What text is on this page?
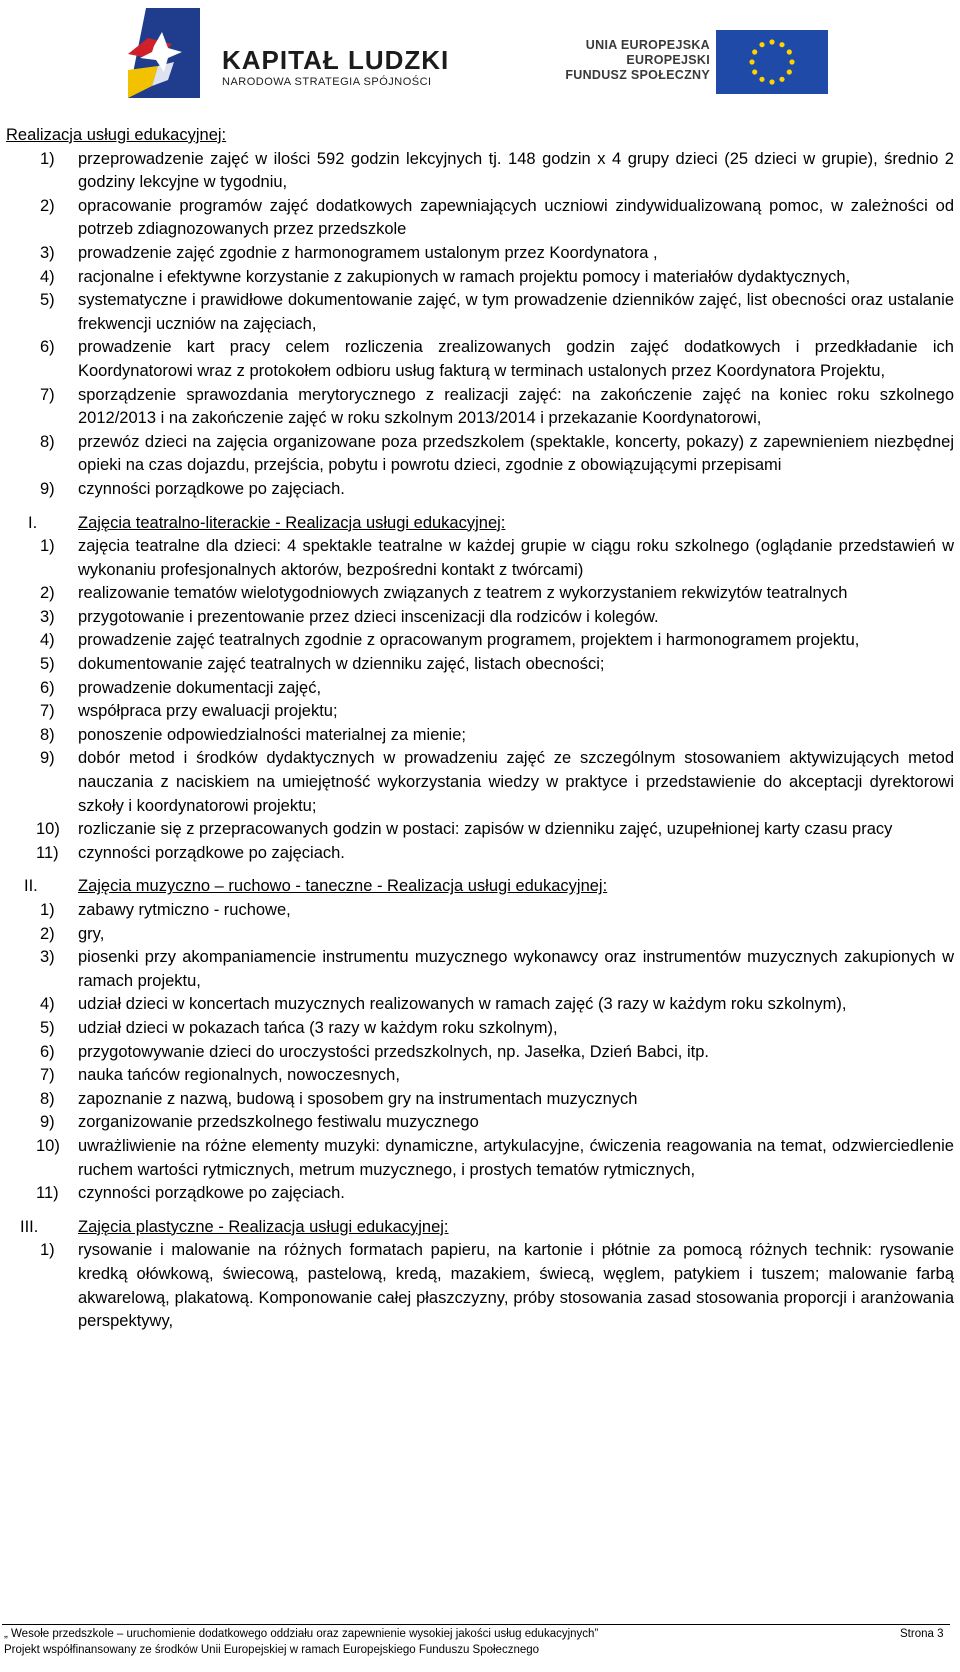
KAPITAŁ LUDZKI
NARODOWA STRATEGIA SPÓJNOŚCI
UNIA EUROPEJSKA
EUROPEJSKI
FUNDUSZ SPOŁECZNY
Realizacja usługi edukacyjnej:
1) przeprowadzenie zajęć w ilości 592 godzin lekcyjnych tj. 148 godzin x 4 grupy dzieci (25 dzieci w grupie), średnio 2 godziny lekcyjne w tygodniu,
2) opracowanie programów zajęć dodatkowych zapewniających uczniowi zindywidualizowaną pomoc, w zależności od potrzeb zdiagnozowanych przez przedszkole
3) prowadzenie zajęć zgodnie z harmonogramem ustalonym przez Koordynatora ,
4) racjonalne i efektywne korzystanie z zakupionych w ramach projektu pomocy i materiałów dydaktycznych,
5) systematyczne i prawidłowe dokumentowanie zajęć, w tym prowadzenie dzienników zajęć, list obecności oraz ustalanie frekwencji uczniów na zajęciach,
6) prowadzenie kart pracy celem rozliczenia zrealizowanych godzin zajęć dodatkowych i przedkładanie ich Koordynatorowi wraz z protokołem odbioru usług fakturą w terminach ustalonych przez Koordynatora Projektu,
7) sporządzenie sprawozdania merytorycznego z realizacji zajęć: na zakończenie zajęć na koniec roku szkolnego 2012/2013 i na zakończenie zajęć w roku szkolnym 2013/2014 i przekazanie Koordynatorowi,
8) przewóz dzieci na zajęcia organizowane poza przedszkolem (spektakle, koncerty, pokazy) z zapewnieniem niezbędnej opieki na czas dojazdu, przejścia, pobytu i powrotu dzieci, zgodnie z obowiązującymi przepisami
9) czynności porządkowe po zajęciach.
I. Zajęcia teatralno-literackie - Realizacja usługi edukacyjnej:
1) zajęcia teatralne dla dzieci: 4 spektakle teatralne w każdej grupie w ciągu roku szkolnego (oglądanie przedstawień w wykonaniu profesjonalnych aktorów, bezpośredni kontakt z twórcami)
2) realizowanie tematów wielotygodniowych związanych z teatrem z wykorzystaniem rekwizytów teatralnych
3) przygotowanie i prezentowanie przez dzieci inscenizacji dla rodziców i kolegów.
4) prowadzenie zajęć teatralnych zgodnie z opracowanym programem, projektem i harmonogramem projektu,
5) dokumentowanie zajęć teatralnych w dzienniku zajęć, listach obecności;
6) prowadzenie dokumentacji zajęć,
7) współpraca przy ewaluacji projektu;
8) ponoszenie odpowiedzialności materialnej za mienie;
9) dobór metod i środków dydaktycznych w prowadzeniu zajęć ze szczególnym stosowaniem aktywizujących metod nauczania z naciskiem na umiejętność wykorzystania wiedzy w praktyce i przedstawienie do akceptacji dyrektorowi szkoły i koordynatorowi projektu;
10) rozliczanie się z przepracowanych godzin w postaci: zapisów w dzienniku zajęć, uzupełnionej karty czasu pracy
11) czynności porządkowe po zajęciach.
II. Zajęcia muzyczno – ruchowo - taneczne - Realizacja usługi edukacyjnej:
1) zabawy rytmiczno - ruchowe,
2) gry,
3) piosenki przy akompaniamencie instrumentu muzycznego wykonawcy oraz instrumentów muzycznych zakupionych w ramach projektu,
4) udział dzieci w koncertach muzycznych realizowanych w ramach zajęć (3 razy w każdym roku szkolnym),
5) udział dzieci w pokazach tańca (3 razy w każdym roku szkolnym),
6) przygotowywanie dzieci do uroczystości przedszkolnych, np. Jasełka, Dzień Babci, itp.
7) nauka tańców regionalnych, nowoczesnych,
8) zapoznanie z nazwą, budową i sposobem gry na instrumentach muzycznych
9) zorganizowanie przedszkolnego festiwalu muzycznego
10) uwrażliwienie na różne elementy muzyki: dynamiczne, artykulacyjne, ćwiczenia reagowania na temat, odzwierciedlenie ruchem wartości rytmicznych, metrum muzycznego, i prostych tematów rytmicznych,
11) czynności porządkowe po zajęciach.
III. Zajęcia plastyczne - Realizacja usługi edukacyjnej:
1) rysowanie i malowanie na różnych formatach papieru, na kartonie i płótnie za pomocą różnych technik: rysowanie kredką ołówkową, świecową, pastelową, kredą, mazakiem, świecą, węglem, patykiem i tuszem; malowanie farbą akwarelową, plakatową. Komponowanie całej płaszczyzny, próby stosowania zasad stosowania proporcji i aranżowania perspektywy,
„ Wesołe przedszkole – uruchomienie dodatkowego oddziału oraz zapewnienie wysokiej jakości usług edukacyjnych”	Strona 3
Projekt współfinansowany ze środków Unii Europejskiej w ramach Europejskiego Funduszu Społecznego
